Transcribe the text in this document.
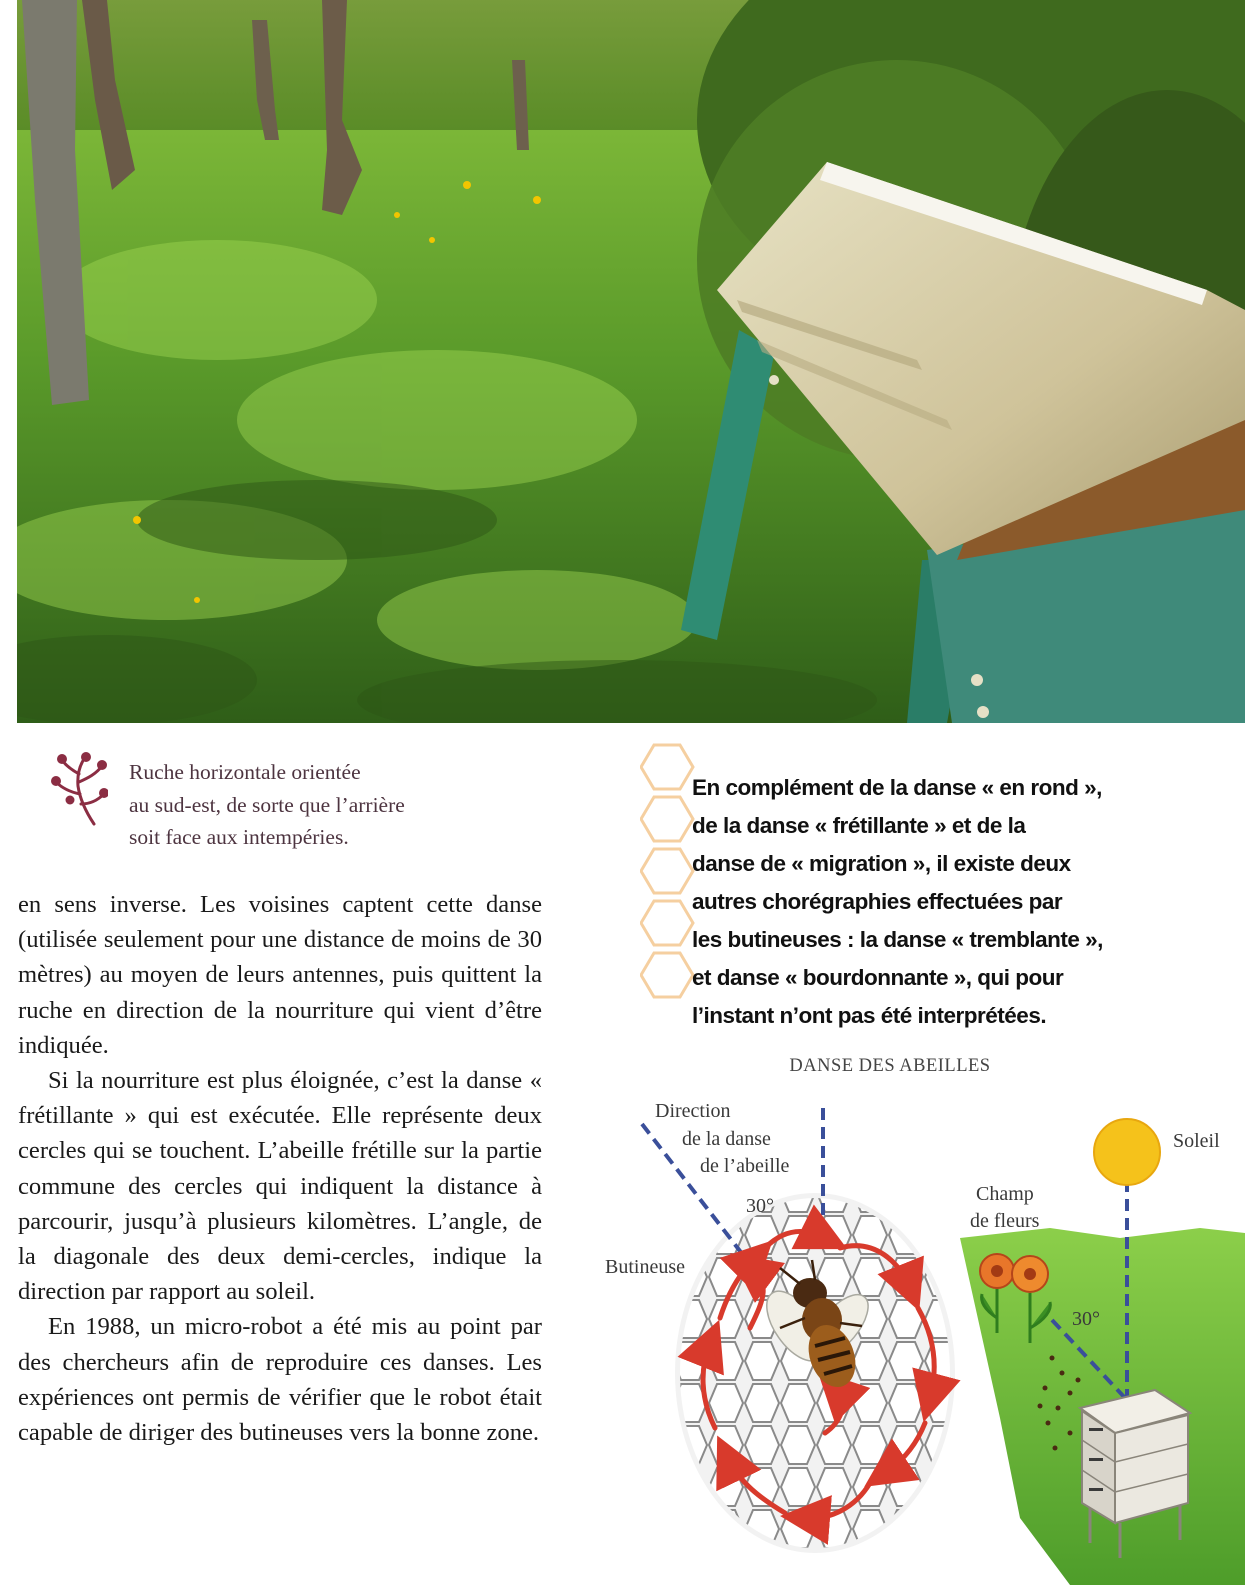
Ruche horizontale orientée
au sud-est, de sorte que l’arrière
soit face aux intempéries.

en sens inverse. Les voisines captent cette danse (utilisée seulement pour une distance de moins de 30 mètres) au moyen de leurs antennes, puis quittent la ruche en direction de la nourriture qui vient d’être indiquée.

Si la nourriture est plus éloignée, c’est la danse « frétillante » qui est exécutée. Elle représente deux cercles qui se touchent. L’abeille frétille sur la partie commune des cercles qui indiquent la distance à parcourir, jusqu’à plusieurs kilomètres. L’angle, de la diagonale des deux demi-cercles, indique la direction par rapport au soleil.

En 1988, un micro-robot a été mis au point par des chercheurs afin de reproduire ces danses. Les expériences ont permis de vérifier que le robot était capable de diriger des butineuses vers la bonne zone.

En complément de la danse « en rond »,
de la danse « frétillante » et de la
danse de « migration », il existe deux
autres chorégraphies effectuées par
les butineuses : la danse « tremblante »,
et danse « bourdonnante », qui pour
l’instant n’ont pas été interprétées.
DANSE DES ABEILLES
Direction
de la danse
de l’abeille
30°
Butineuse
Champ
de fleurs
Soleil
30°
